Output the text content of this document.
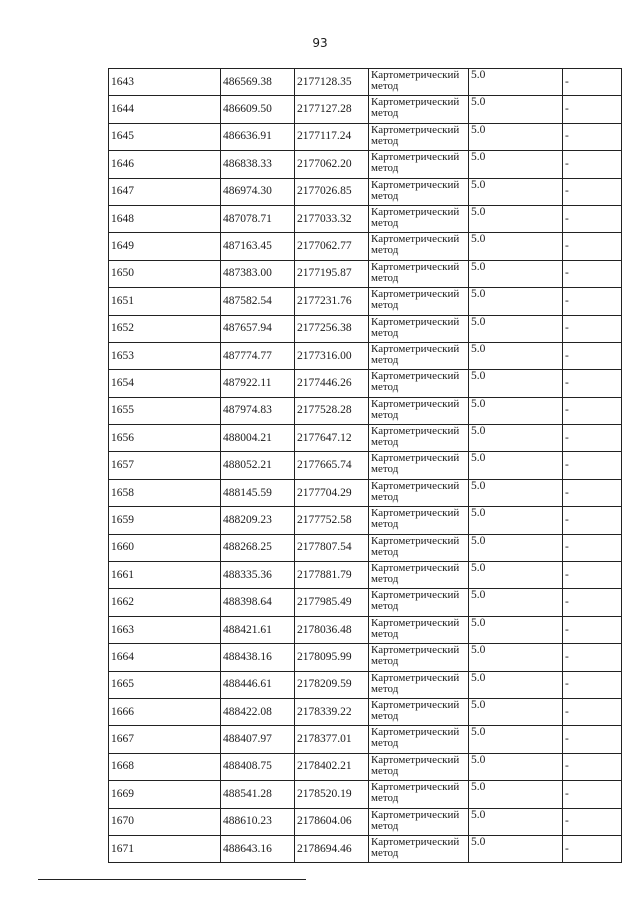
93
1643	486569.38	2177128.35	Картометрический метод	5.0	-
1644	486609.50	2177127.28	Картометрический метод	5.0	-
1645	486636.91	2177117.24	Картометрический метод	5.0	-
1646	486838.33	2177062.20	Картометрический метод	5.0	-
1647	486974.30	2177026.85	Картометрический метод	5.0	-
1648	487078.71	2177033.32	Картометрический метод	5.0	-
1649	487163.45	2177062.77	Картометрический метод	5.0	-
1650	487383.00	2177195.87	Картометрический метод	5.0	-
1651	487582.54	2177231.76	Картометрический метод	5.0	-
1652	487657.94	2177256.38	Картометрический метод	5.0	-
1653	487774.77	2177316.00	Картометрический метод	5.0	-
1654	487922.11	2177446.26	Картометрический метод	5.0	-
1655	487974.83	2177528.28	Картометрический метод	5.0	-
1656	488004.21	2177647.12	Картометрический метод	5.0	-
1657	488052.21	2177665.74	Картометрический метод	5.0	-
1658	488145.59	2177704.29	Картометрический метод	5.0	-
1659	488209.23	2177752.58	Картометрический метод	5.0	-
1660	488268.25	2177807.54	Картометрический метод	5.0	-
1661	488335.36	2177881.79	Картометрический метод	5.0	-
1662	488398.64	2177985.49	Картометрический метод	5.0	-
1663	488421.61	2178036.48	Картометрический метод	5.0	-
1664	488438.16	2178095.99	Картометрический метод	5.0	-
1665	488446.61	2178209.59	Картометрический метод	5.0	-
1666	488422.08	2178339.22	Картометрический метод	5.0	-
1667	488407.97	2178377.01	Картометрический метод	5.0	-
1668	488408.75	2178402.21	Картометрический метод	5.0	-
1669	488541.28	2178520.19	Картометрический метод	5.0	-
1670	488610.23	2178604.06	Картометрический метод	5.0	-
1671	488643.16	2178694.46	Картометрический метод	5.0	-
